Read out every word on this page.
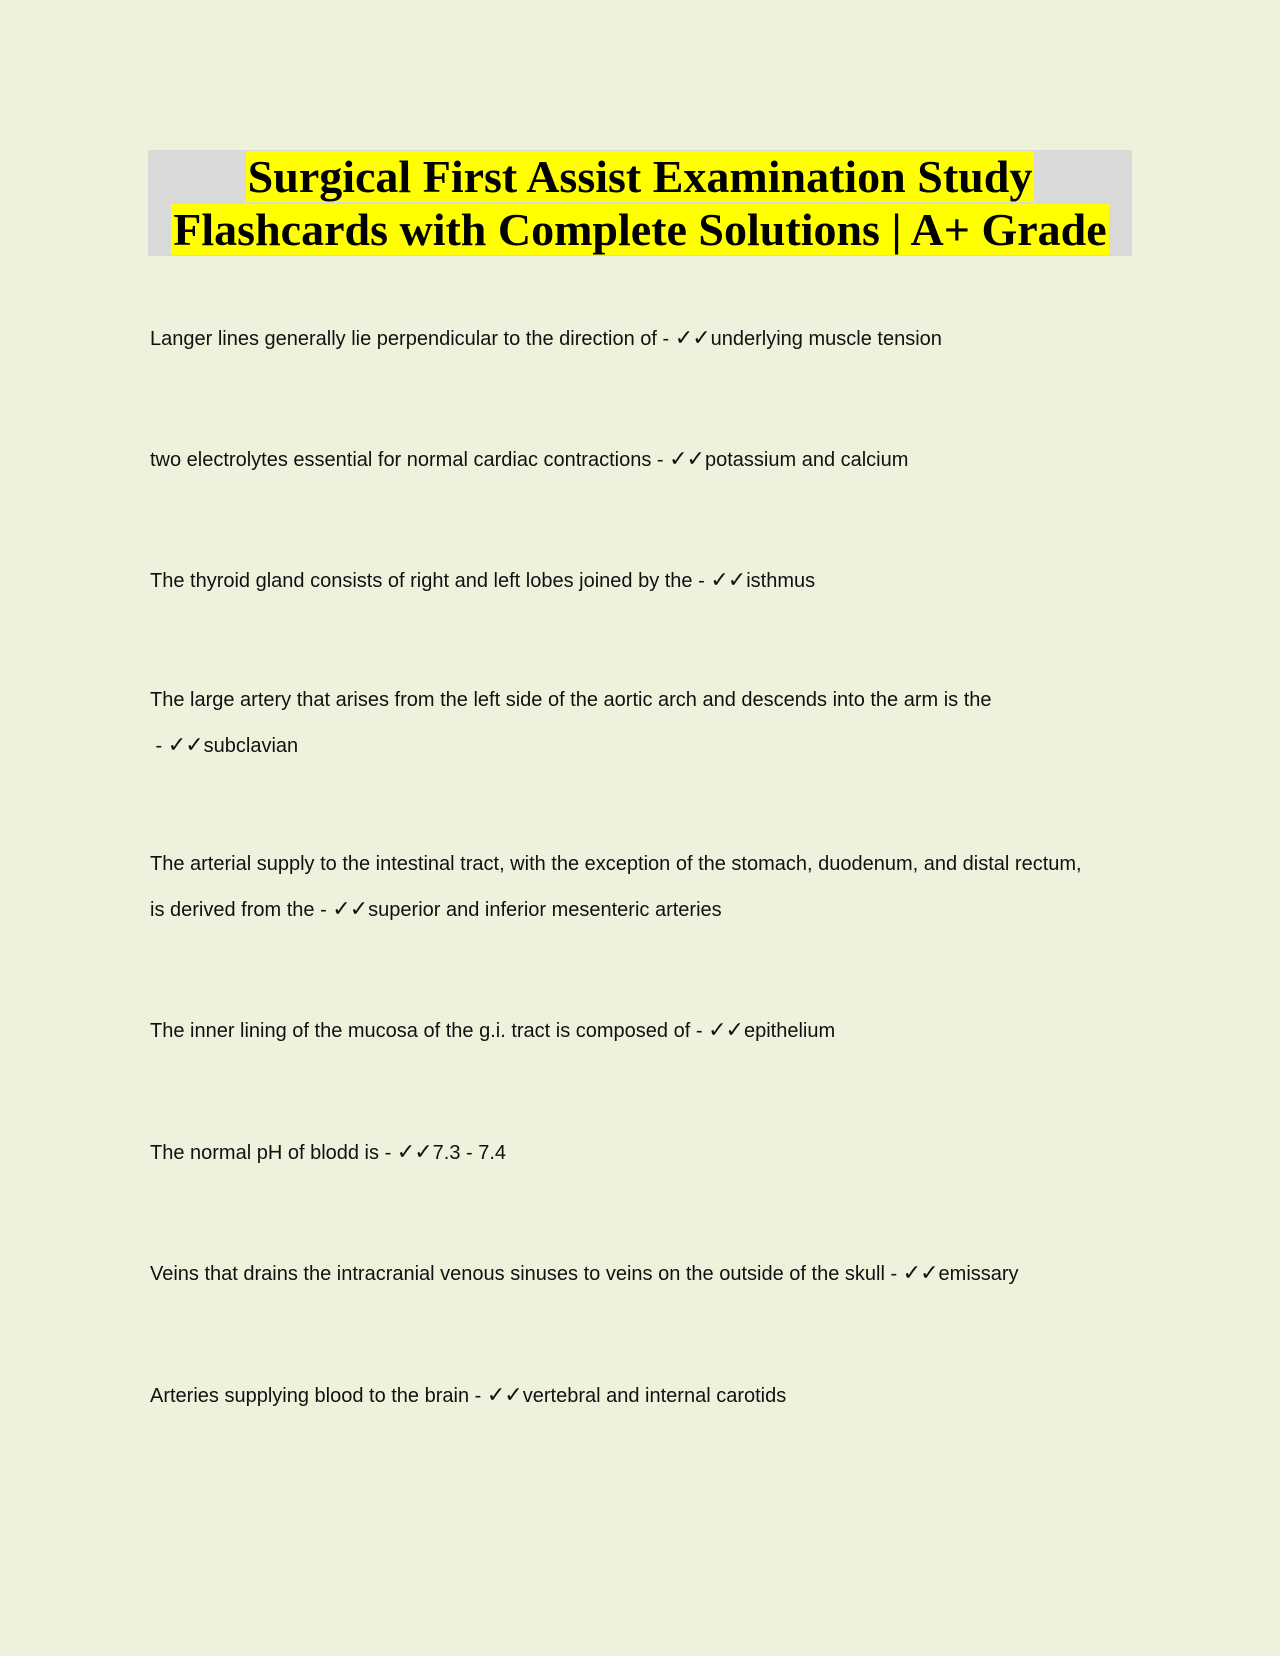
Surgical First Assist Examination Study
Flashcards with Complete Solutions | A+ Grade
Langer lines generally lie perpendicular to the direction of - ✓✓underlying muscle tension
two electrolytes essential for normal cardiac contractions - ✓✓potassium and calcium
The thyroid gland consists of right and left lobes joined by the - ✓✓isthmus
The large artery that arises from the left side of the aortic arch and descends into the arm is the - ✓✓subclavian
The arterial supply to the intestinal tract, with the exception of the stomach, duodenum, and distal rectum, is derived from the - ✓✓superior and inferior mesenteric arteries
The inner lining of the mucosa of the g.i. tract is composed of - ✓✓epithelium
The normal pH of blodd is - ✓✓7.3 - 7.4
Veins that drains the intracranial venous sinuses to veins on the outside of the skull - ✓✓emissary
Arteries supplying blood to the brain - ✓✓vertebral and internal carotids
